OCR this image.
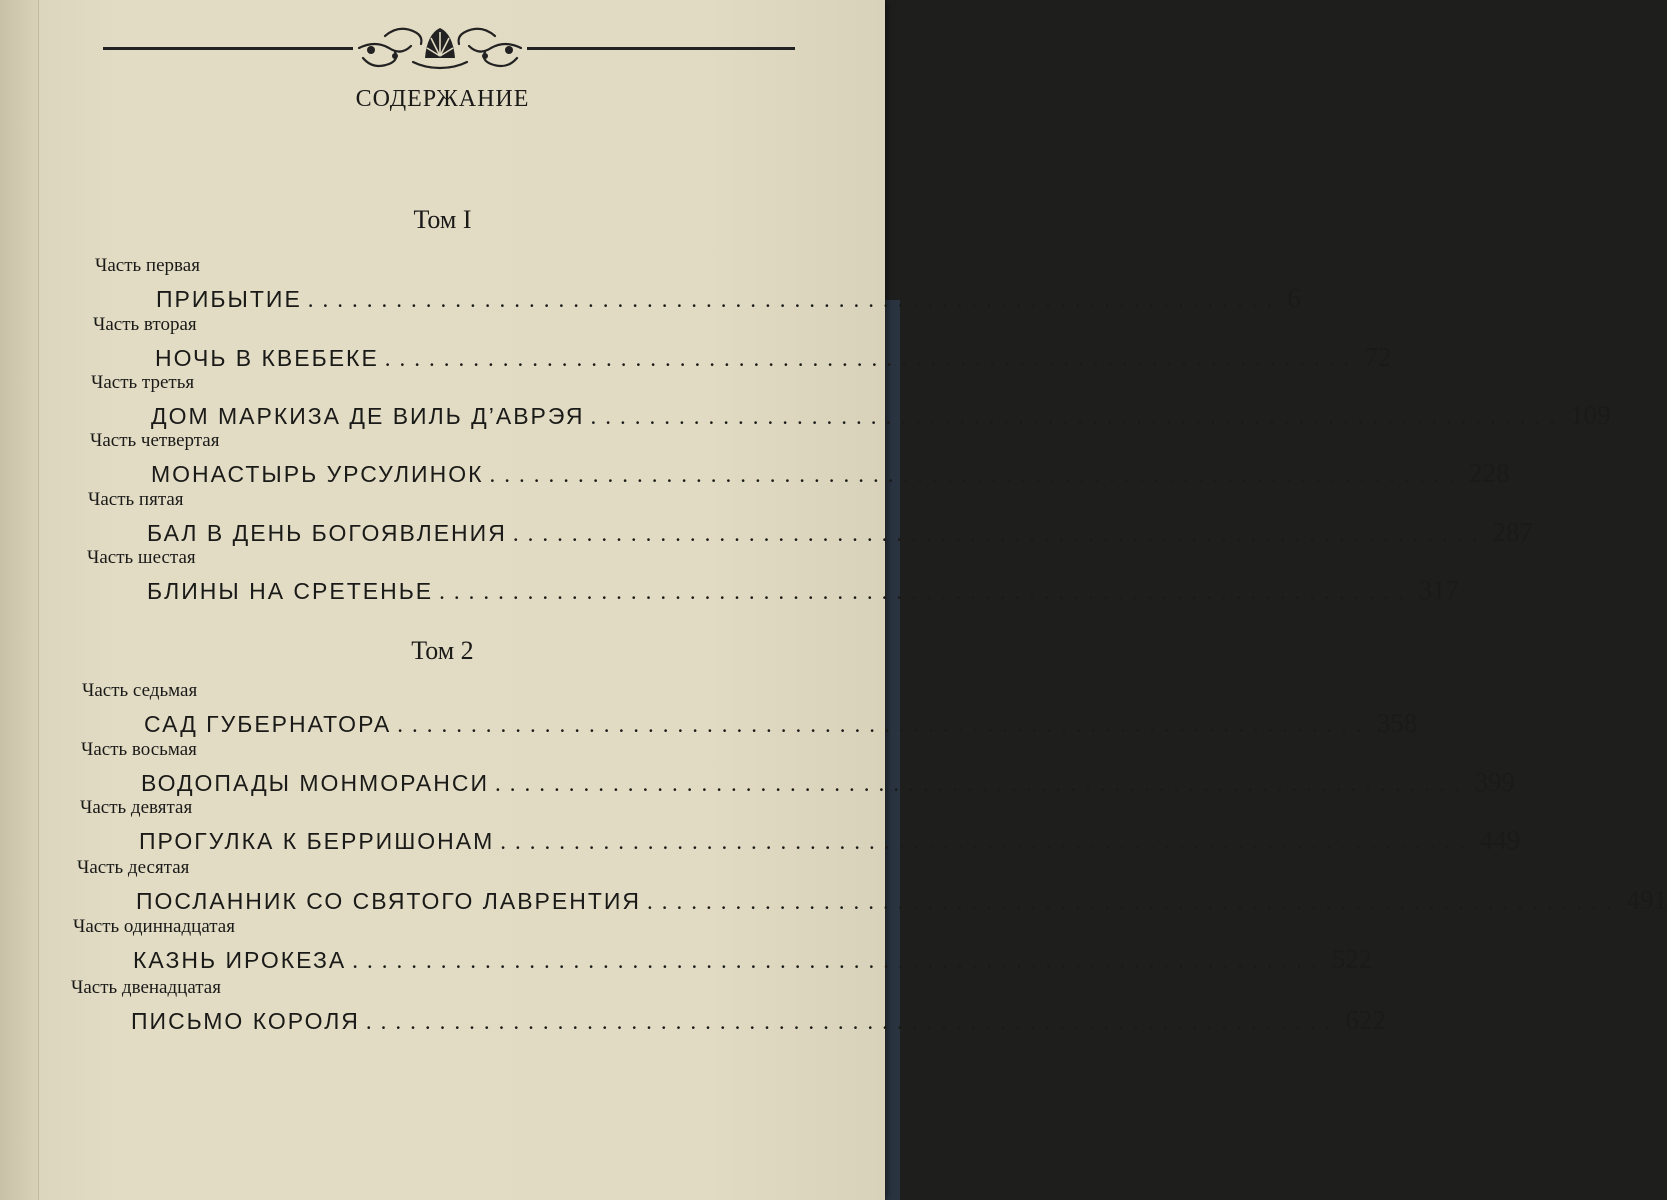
СОДЕРЖАНИЕ
Том I
Часть первая
ПРИБЫТИЕ .................................................................. 6
Часть вторая
НОЧЬ В КВЕБЕКЕ .................................................................. 72
Часть третья
ДОМ МАРКИЗА ДЕ ВИЛЬ Д’АВРЭЯ .................................................................. 109
Часть четвертая
МОНАСТЫРЬ УРСУЛИНОК .................................................................. 228
Часть пятая
БАЛ В ДЕНЬ БОГОЯВЛЕНИЯ .................................................................. 287
Часть шестая
БЛИНЫ НА СРЕТЕНЬЕ .................................................................. 317
Том 2
Часть седьмая
САД ГУБЕРНАТОРА .................................................................. 358
Часть восьмая
ВОДОПАДЫ МОНМОРАНСИ .................................................................. 399
Часть девятая
ПРОГУЛКА К БЕРРИШОНАМ .................................................................. 449
Часть десятая
ПОСЛАННИК СО СВЯТОГО ЛАВРЕНТИЯ .................................................................. 491
Часть одиннадцатая
КАЗНЬ ИРОКЕЗА .................................................................. 522
Часть двенадцатая
ПИСЬМО КОРОЛЯ .................................................................. 622
